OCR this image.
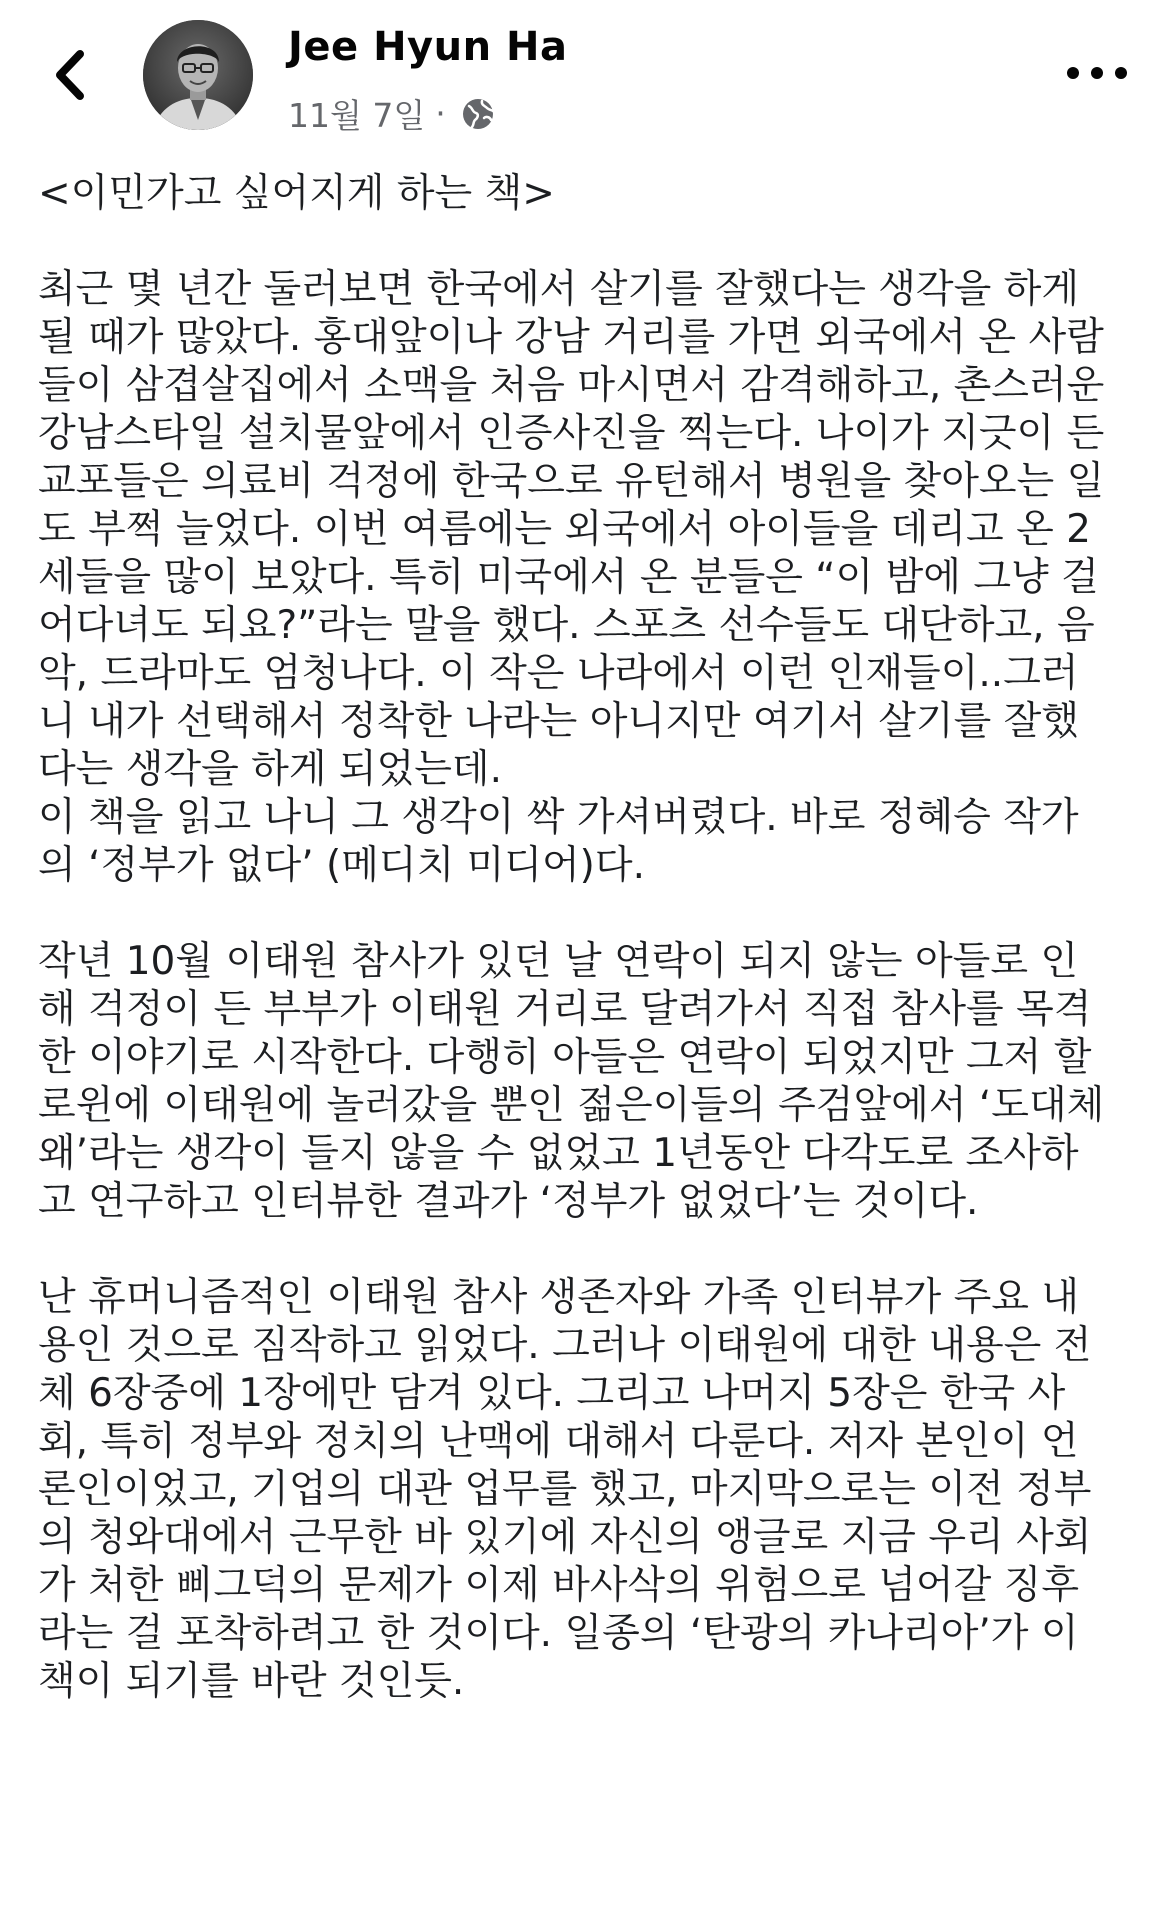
Jee Hyun Ha
11월 7일 ·

<이민가고 싶어지게 하는 책>

최근 몇 년간 둘러보면 한국에서 살기를 잘했다는 생각을 하게
될 때가 많았다. 홍대앞이나 강남 거리를 가면 외국에서 온 사람
들이 삼겹살집에서 소맥을 처음 마시면서 감격해하고, 촌스러운
강남스타일 설치물앞에서 인증사진을 찍는다. 나이가 지긋이 든
교포들은 의료비 걱정에 한국으로 유턴해서 병원을 찾아오는 일
도 부쩍 늘었다. 이번 여름에는 외국에서 아이들을 데리고 온 2
세들을 많이 보았다. 특히 미국에서 온 분들은 “이 밤에 그냥 걸
어다녀도 되요?”라는 말을 했다. 스포츠 선수들도 대단하고, 음
악, 드라마도 엄청나다. 이 작은 나라에서 이런 인재들이..그러
니 내가 선택해서 정착한 나라는 아니지만 여기서 살기를 잘했
다는 생각을 하게 되었는데.
이 책을 읽고 나니 그 생각이 싹 가셔버렸다. 바로 정혜승 작가
의 ‘정부가 없다’ (메디치 미디어)다.

작년 10월 이태원 참사가 있던 날 연락이 되지 않는 아들로 인
해 걱정이 든 부부가 이태원 거리로 달려가서 직접 참사를 목격
한 이야기로 시작한다. 다행히 아들은 연락이 되었지만 그저 할
로윈에 이태원에 놀러갔을 뿐인 젊은이들의 주검앞에서 ‘도대체
왜’라는 생각이 들지 않을 수 없었고 1년동안 다각도로 조사하
고 연구하고 인터뷰한 결과가 ‘정부가 없었다’는 것이다.

난 휴머니즘적인 이태원 참사 생존자와 가족 인터뷰가 주요 내
용인 것으로 짐작하고 읽었다. 그러나 이태원에 대한 내용은 전
체 6장중에 1장에만 담겨 있다. 그리고 나머지 5장은 한국 사
회, 특히 정부와 정치의 난맥에 대해서 다룬다. 저자 본인이 언
론인이었고, 기업의 대관 업무를 했고, 마지막으로는 이전 정부
의 청와대에서 근무한 바 있기에 자신의 앵글로 지금 우리 사회
가 처한 삐그덕의 문제가 이제 바사삭의 위험으로 넘어갈 징후
라는 걸 포착하려고 한 것이다. 일종의 ‘탄광의 카나리아’가 이
책이 되기를 바란 것인듯.
